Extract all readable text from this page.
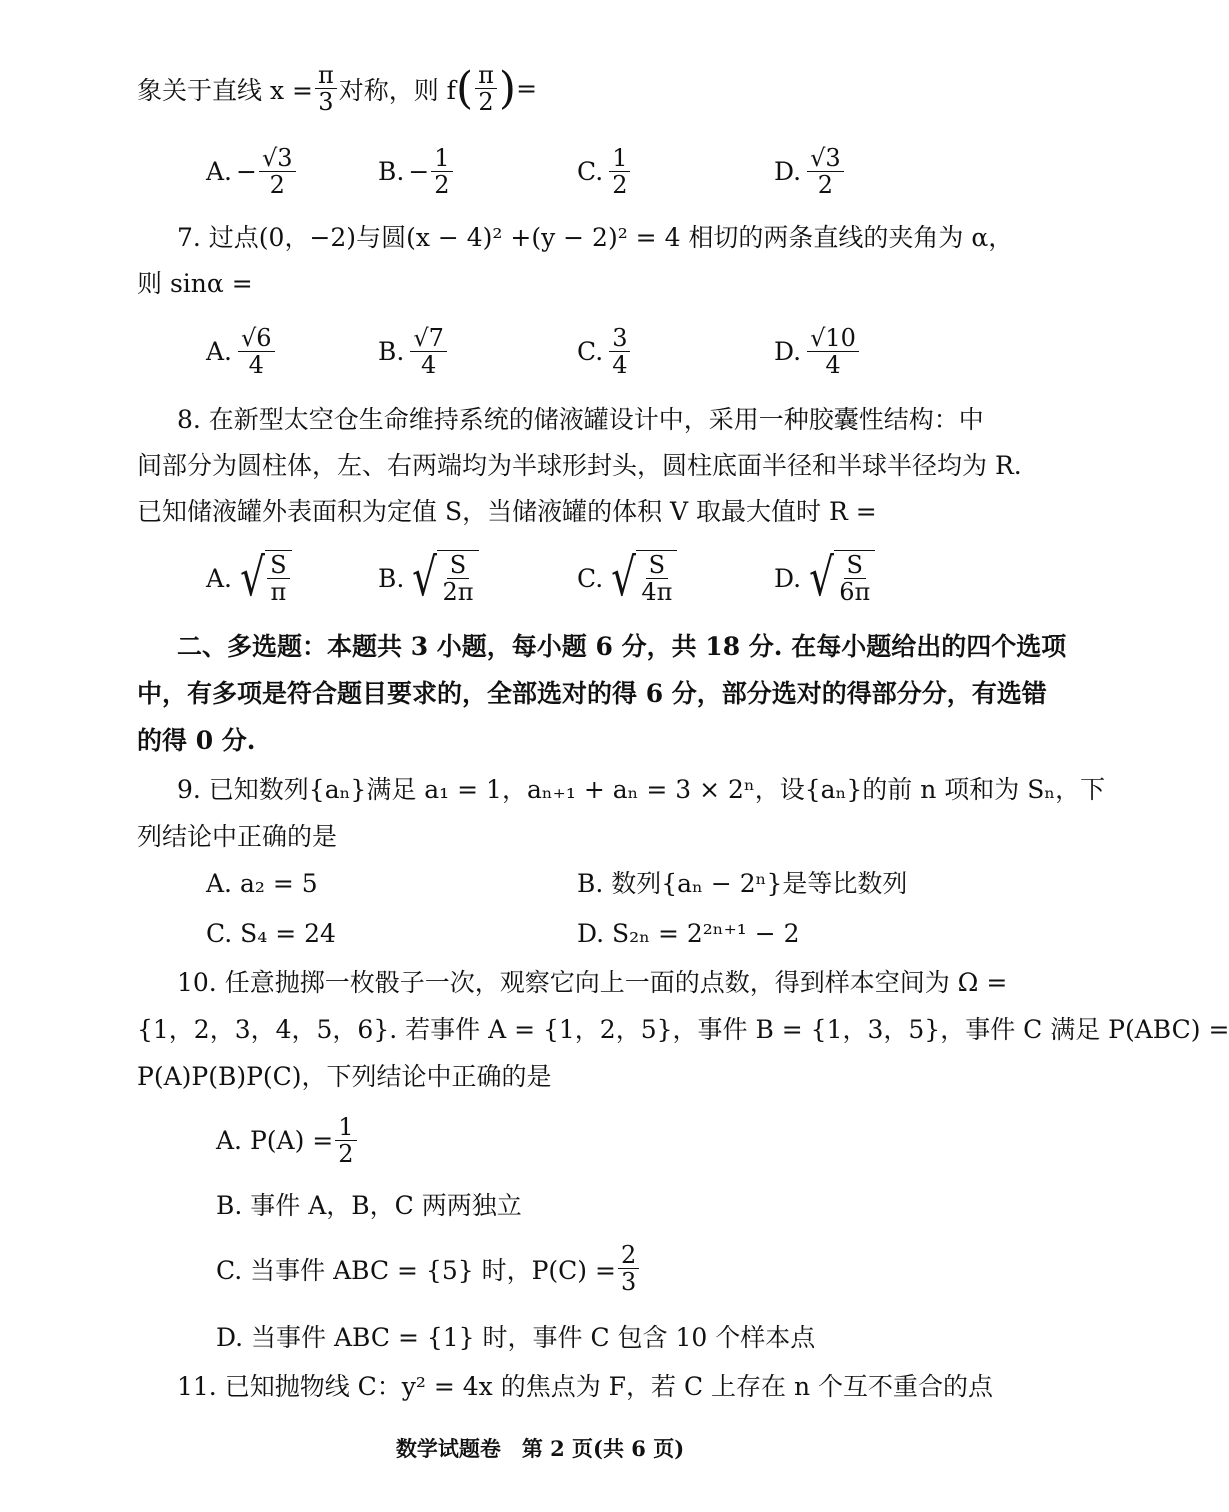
象关于直线 $x = \frac{\pi}{3}$ 对称，则 f ( $\frac{\pi}{2}$ ) =
A. − $\frac{√3}{2}$	B. − $\frac{1}{2}$	C. $\frac{1}{2}$	D. $\frac{√3}{2}$
7. 过点(0，−2)与圆(x − 4)² +(y − 2)² = 4 相切的两条直线的夹角为 α，
则 sinα =
A. $\frac{√6}{4}$	B. $\frac{√7}{4}$	C. $\frac{3}{4}$	D. $\frac{√10}{4}$
8. 在新型太空仓生命维持系统的储液罐设计中，采用一种胶囊性结构：中
间部分为圆柱体，左、右两端均为半球形封头，圆柱底面半径和半球半径均为 R.
已知储液罐外表面积为定值 S，当储液罐的体积 V 取最大值时 R =
A. √ $\frac{S}{\pi}$	B. √ $\frac{S}{2\pi}$	C. √ $\frac{S}{4\pi}$	D. √ $\frac{S}{6\pi}$
二、多选题：本题共 3 小题，每小题 6 分，共 18 分. 在每小题给出的四个选项
中，有多项是符合题目要求的，全部选对的得 6 分，部分选对的得部分分，有选错
的得 0 分.
9. 已知数列{aₙ}满足 a₁ = 1，aₙ₊₁ + aₙ = 3 × 2ⁿ，设{aₙ}的前 n 项和为 Sₙ，下
列结论中正确的是
A. a₂ = 5	B. 数列{aₙ − 2ⁿ}是等比数列
C. S₄ = 24	D. S₂ₙ = 2²ⁿ⁺¹ − 2
10. 任意抛掷一枚骰子一次，观察它向上一面的点数，得到样本空间为 Ω =
{1，2，3，4，5，6}. 若事件 A = {1，2，5}，事件 B = {1，3，5}，事件 C 满足 P(ABC) =
P(A)P(B)P(C)，下列结论中正确的是
A. $P(A) = \frac{1}{2}$
B. 事件 A，B，C 两两独立
C. 当事件 ABC = {5} 时，$P(C) = \frac{2}{3}$
D. 当事件 ABC = {1} 时，事件 C 包含 10 个样本点
11. 已知抛物线 C：y² = 4x 的焦点为 F，若 C 上存在 n 个互不重合的点
数学试题卷　第 2 页(共 6 页)
